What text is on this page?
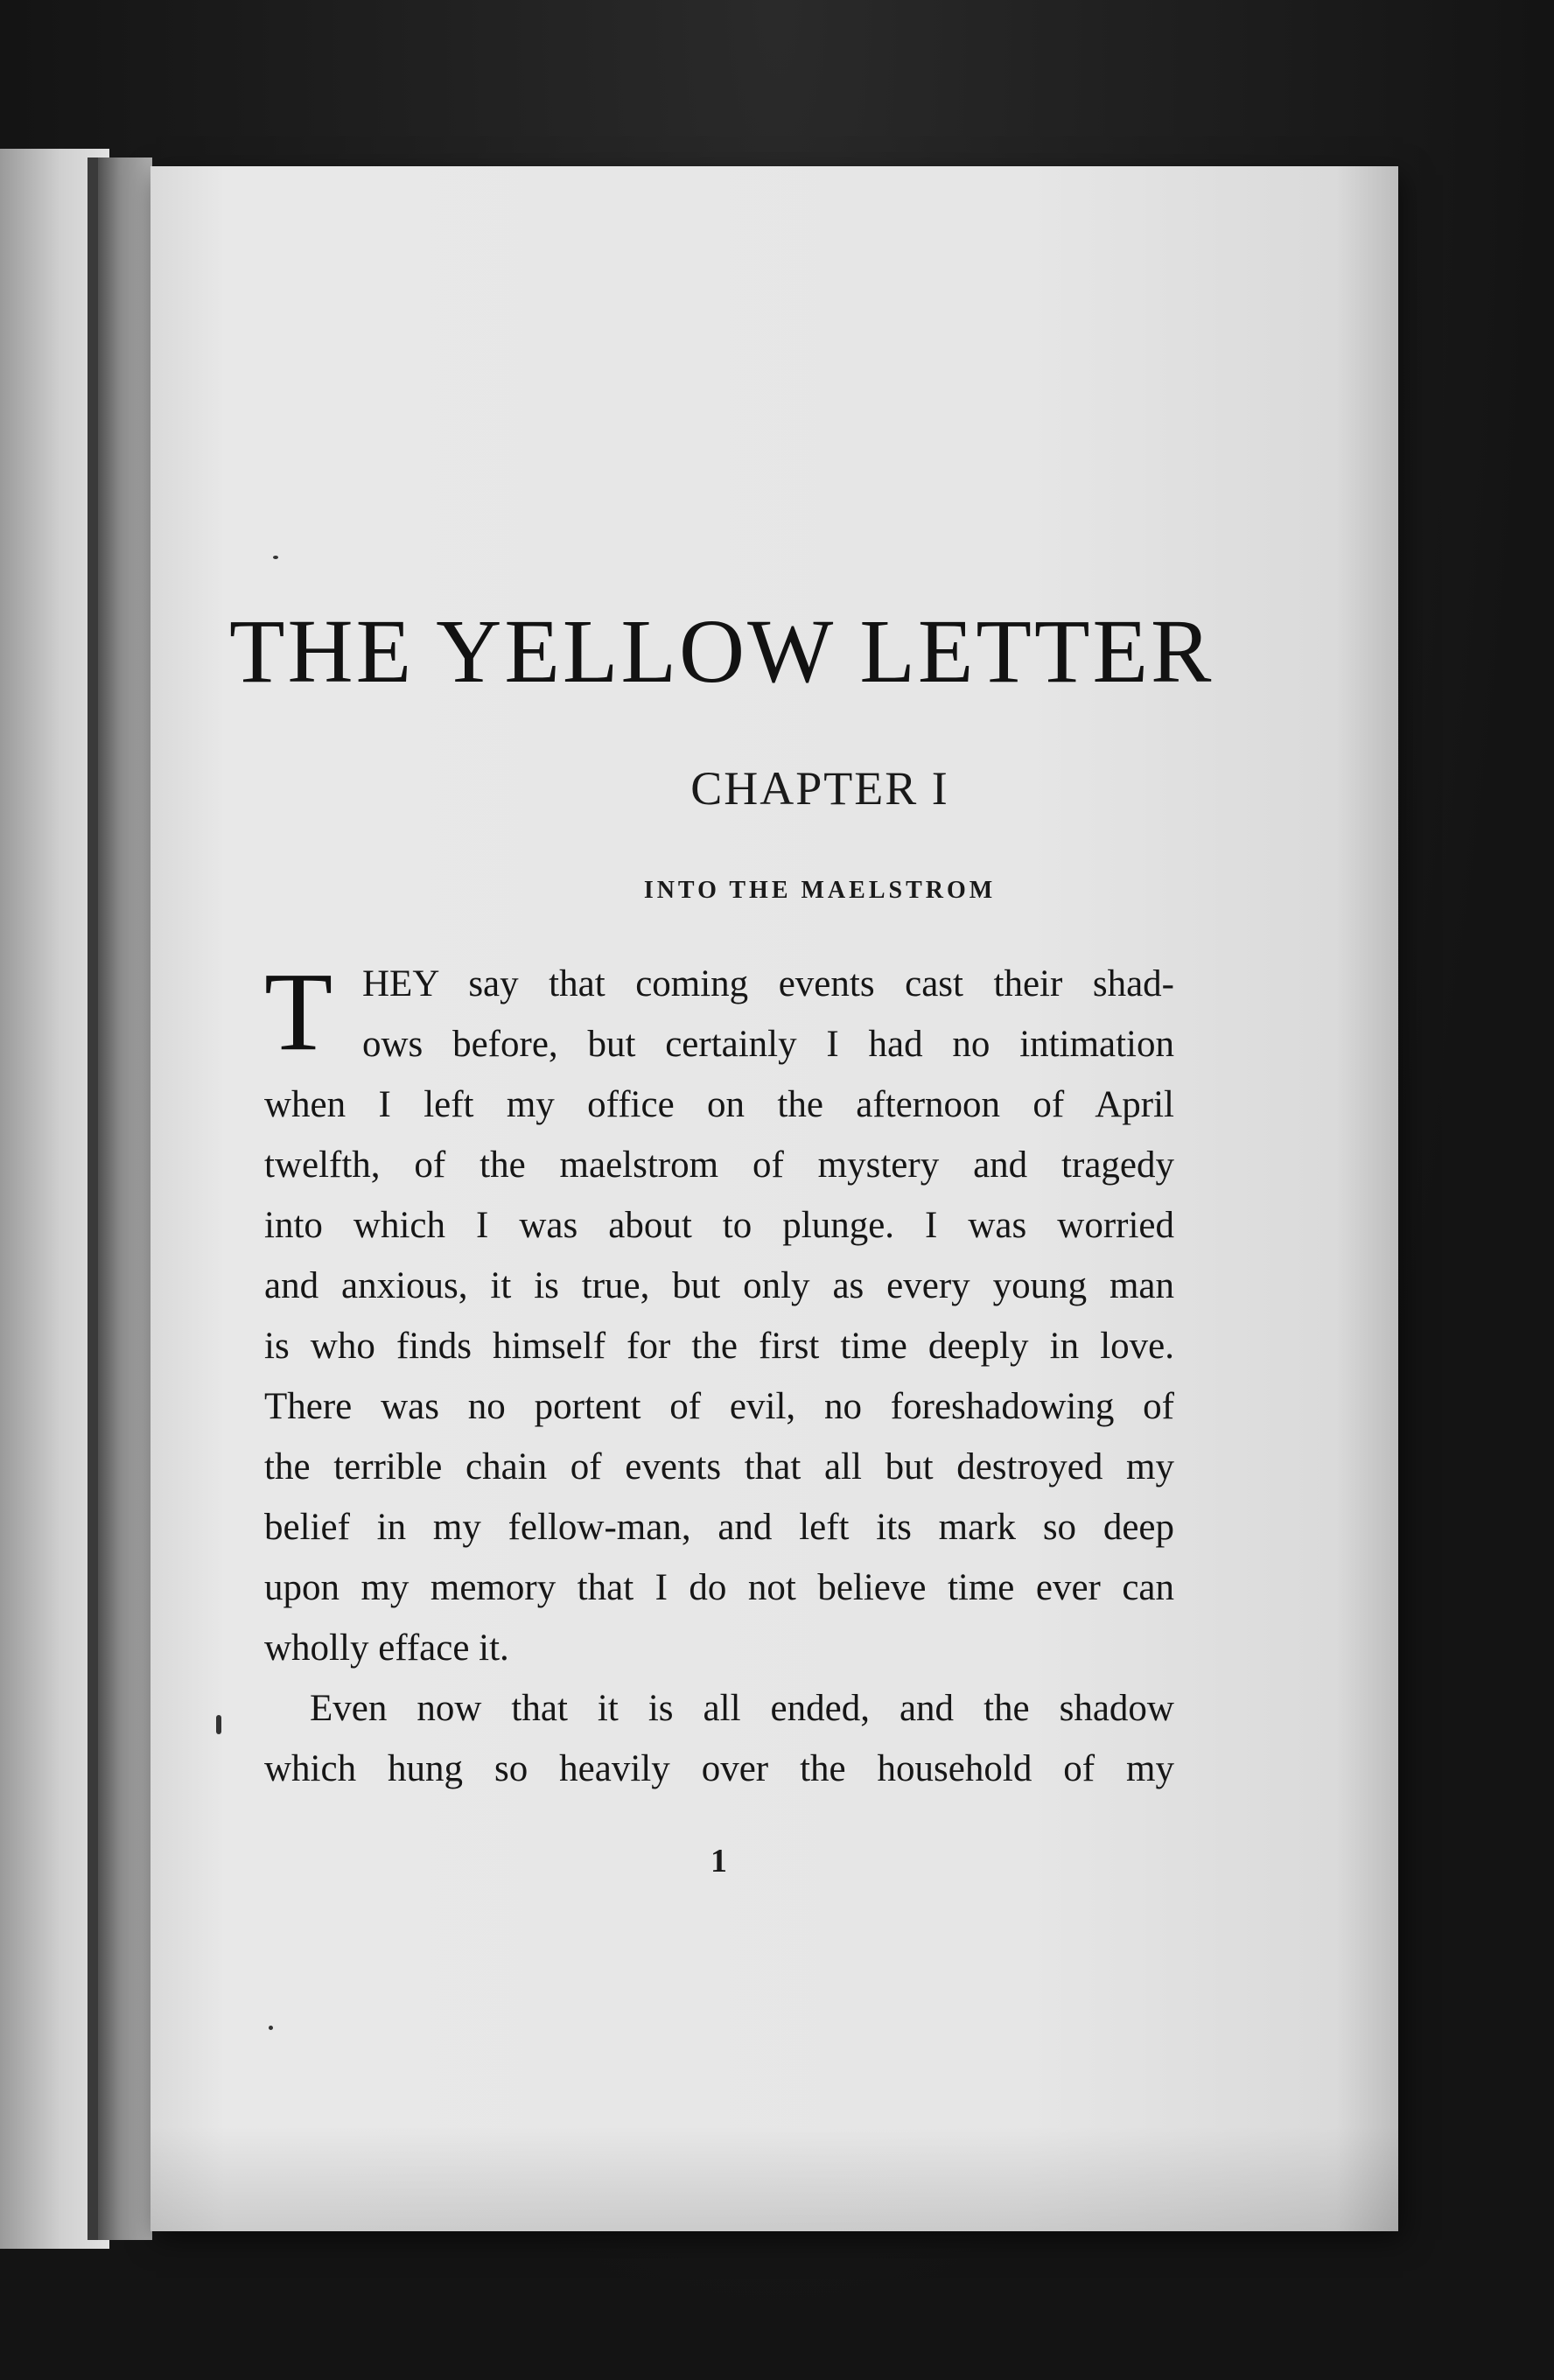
THE YELLOW LETTER
CHAPTER I
INTO THE MAELSTROM
T HEY say that coming events cast their shad-
ows before, but certainly I had no intimation
when I left my office on the afternoon of April
twelfth, of the maelstrom of mystery and tragedy
into which I was about to plunge. I was worried
and anxious, it is true, but only as every young man
is who finds himself for the first time deeply in love.
There was no portent of evil, no foreshadowing of
the terrible chain of events that all but destroyed my
belief in my fellow-man, and left its mark so deep
upon my memory that I do not believe time ever can
wholly efface it.
Even now that it is all ended, and the shadow
which hung so heavily over the household of my
1
